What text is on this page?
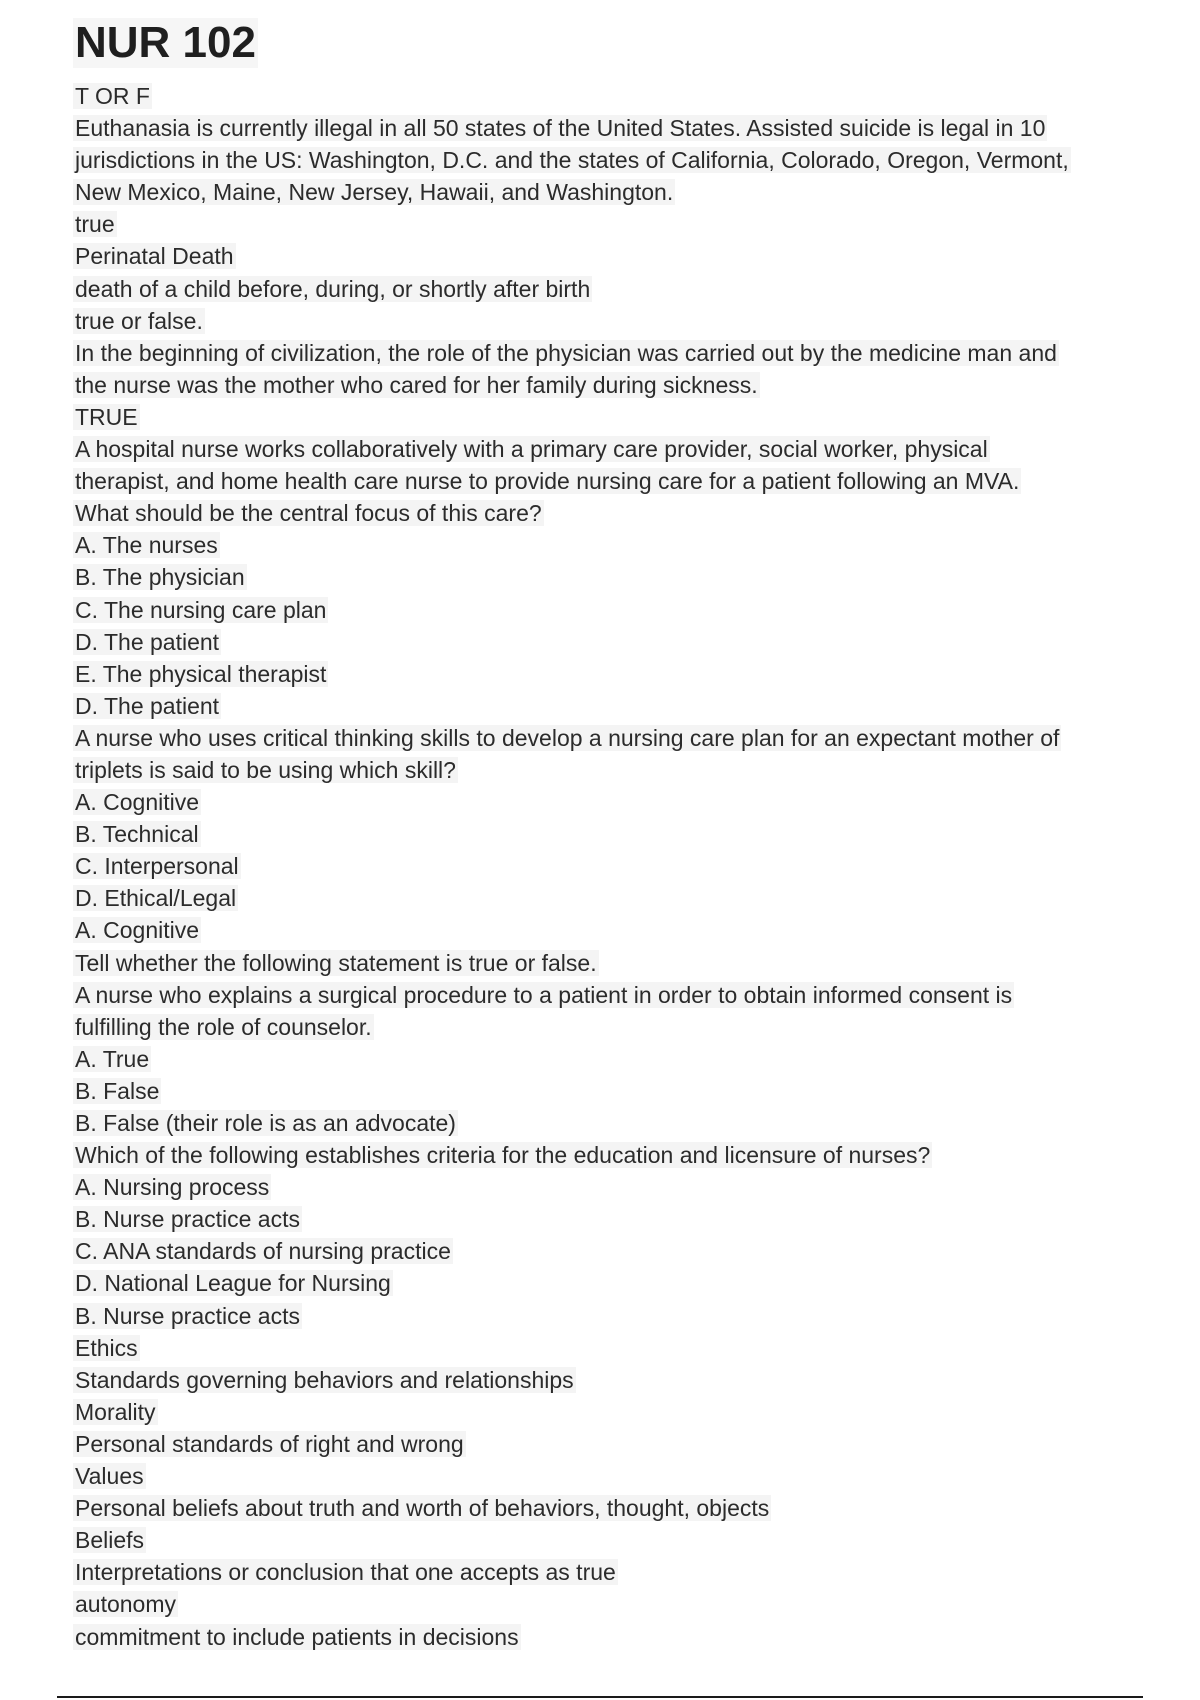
NUR 102

T OR F

Euthanasia is currently illegal in all 50 states of the United States. Assisted suicide is legal in 10

jurisdictions in the US: Washington, D.C. and the states of California, Colorado, Oregon, Vermont,

New Mexico, Maine, New Jersey, Hawaii, and Washington.

true

Perinatal Death

death of a child before, during, or shortly after birth

true or false.

In the beginning of civilization, the role of the physician was carried out by the medicine man and

the nurse was the mother who cared for her family during sickness.

TRUE

A hospital nurse works collaboratively with a primary care provider, social worker, physical

therapist, and home health care nurse to provide nursing care for a patient following an MVA.

What should be the central focus of this care?

A. The nurses

B. The physician

C. The nursing care plan

D. The patient

E. The physical therapist

D. The patient

A nurse who uses critical thinking skills to develop a nursing care plan for an expectant mother of

triplets is said to be using which skill?

A. Cognitive

B. Technical

C. Interpersonal

D. Ethical/Legal

A. Cognitive

Tell whether the following statement is true or false.

A nurse who explains a surgical procedure to a patient in order to obtain informed consent is

fulfilling the role of counselor.

A. True

B. False

B. False (their role is as an advocate)

Which of the following establishes criteria for the education and licensure of nurses?

A. Nursing process

B. Nurse practice acts

C. ANA standards of nursing practice

D. National League for Nursing

B. Nurse practice acts

Ethics

Standards governing behaviors and relationships

Morality

Personal standards of right and wrong

Values

Personal beliefs about truth and worth of behaviors, thought, objects

Beliefs

Interpretations or conclusion that one accepts as true

autonomy

commitment to include patients in decisions
